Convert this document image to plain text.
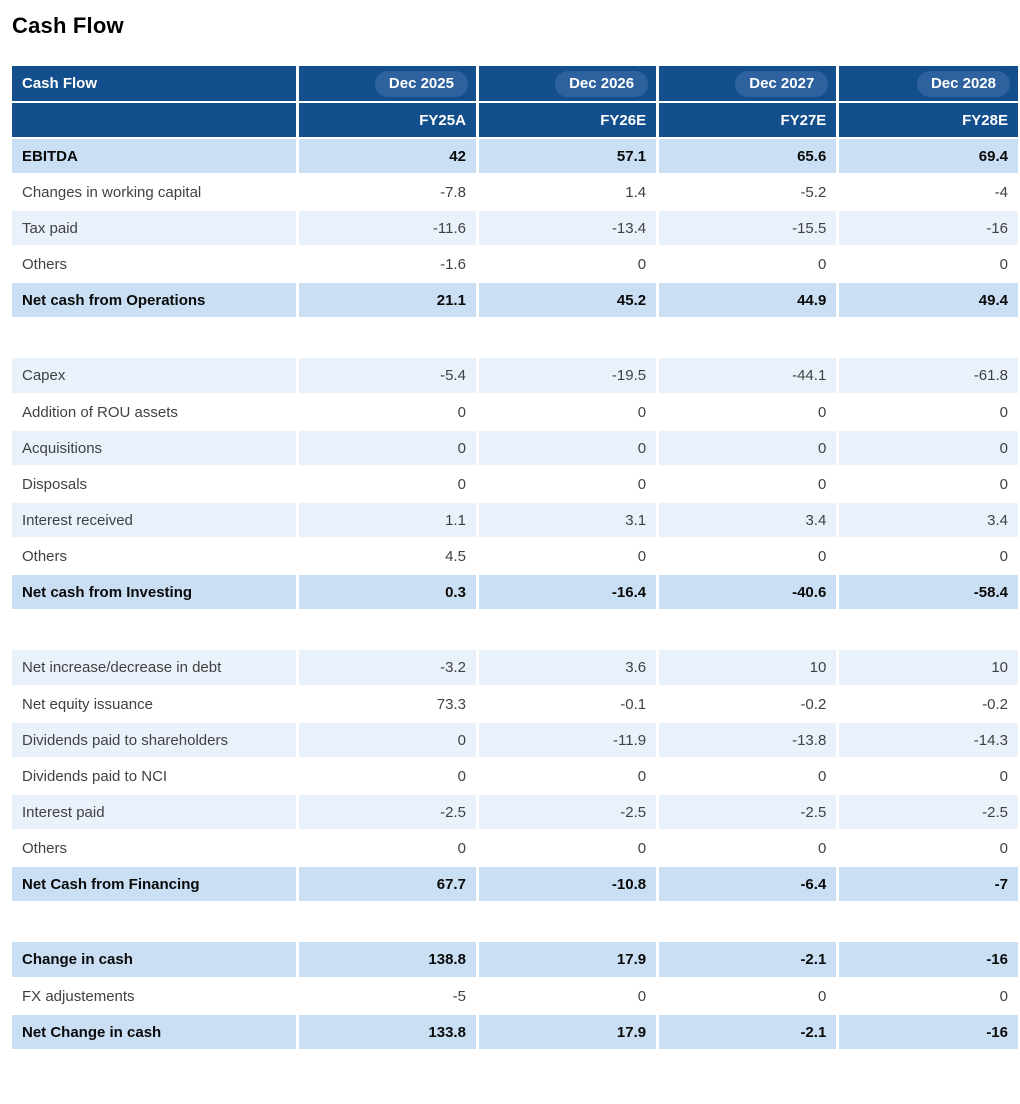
Cash Flow
Cash Flow	Dec 2025	Dec 2026	Dec 2027	Dec 2028
	FY25A	FY26E	FY27E	FY28E
EBITDA	42	57.1	65.6	69.4
Changes in working capital	-7.8	1.4	-5.2	-4
Tax paid	-11.6	-13.4	-15.5	-16
Others	-1.6	0	0	0
Net cash from Operations	21.1	45.2	44.9	49.4

Capex	-5.4	-19.5	-44.1	-61.8
Addition of ROU assets	0	0	0	0
Acquisitions	0	0	0	0
Disposals	0	0	0	0
Interest received	1.1	3.1	3.4	3.4
Others	4.5	0	0	0
Net cash from Investing	0.3	-16.4	-40.6	-58.4

Net increase/decrease in debt	-3.2	3.6	10	10
Net equity issuance	73.3	-0.1	-0.2	-0.2
Dividends paid to shareholders	0	-11.9	-13.8	-14.3
Dividends paid to NCI	0	0	0	0
Interest paid	-2.5	-2.5	-2.5	-2.5
Others	0	0	0	0
Net Cash from Financing	67.7	-10.8	-6.4	-7

Change in cash	138.8	17.9	-2.1	-16
FX adjustements	-5	0	0	0
Net Change in cash	133.8	17.9	-2.1	-16
